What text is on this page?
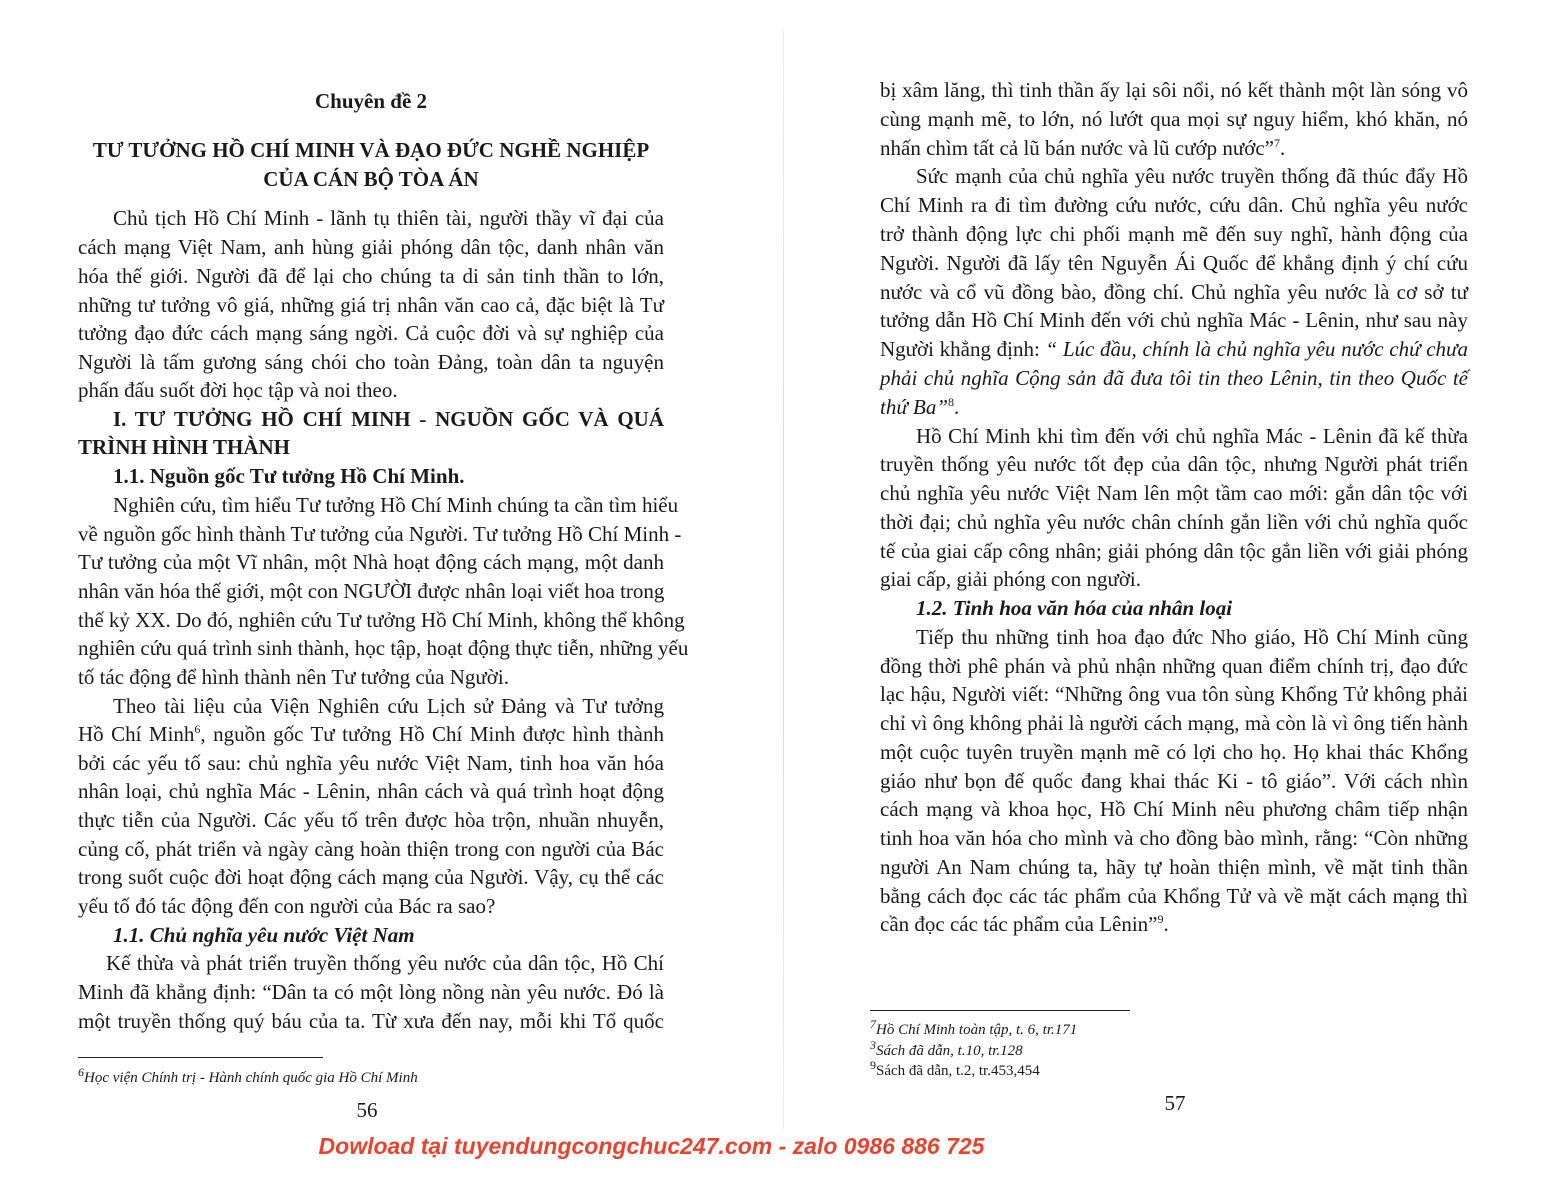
Chuyên đề 2
TƯ TƯỞNG HỒ CHÍ MINH VÀ ĐẠO ĐỨC NGHỀ NGHIỆP
CỦA CÁN BỘ TÒA ÁN
Chủ tịch Hồ Chí Minh - lãnh tụ thiên tài, người thầy vĩ đại của
cách mạng Việt Nam, anh hùng giải phóng dân tộc, danh nhân văn
hóa thế giới. Người đã để lại cho chúng ta di sản tinh thần to lớn,
những tư tưởng vô giá, những giá trị nhân văn cao cả, đặc biệt là Tư
tưởng đạo đức cách mạng sáng ngời. Cả cuộc đời và sự nghiệp của
Người là tấm gương sáng chói cho toàn Đảng, toàn dân ta nguyện
phấn đấu suốt đời học tập và noi theo.
I. TƯ TƯỞNG HỒ CHÍ MINH - NGUỒN GỐC VÀ QUÁ
TRÌNH HÌNH THÀNH
1.1. Nguồn gốc Tư tưởng Hồ Chí Minh.
Nghiên cứu, tìm hiểu Tư tưởng Hồ Chí Minh chúng ta cần tìm hiểu
về nguồn gốc hình thành Tư tưởng của Người. Tư tưởng Hồ Chí Minh -
Tư tưởng của một Vĩ nhân, một Nhà hoạt động cách mạng, một danh
nhân văn hóa thế giới, một con NGƯỜI được nhân loại viết hoa trong
thế kỷ XX. Do đó, nghiên cứu Tư tưởng Hồ Chí Minh, không thể không
nghiên cứu quá trình sinh thành, học tập, hoạt động thực tiễn, những yếu
tố tác động để hình thành nên Tư tưởng của Người.
Theo tài liệu của Viện Nghiên cứu Lịch sử Đảng và Tư tưởng
Hồ Chí Minh$^6$, nguồn gốc Tư tưởng Hồ Chí Minh được hình thành
bởi các yếu tố sau: chủ nghĩa yêu nước Việt Nam, tinh hoa văn hóa
nhân loại, chủ nghĩa Mác - Lênin, nhân cách và quá trình hoạt động
thực tiễn của Người. Các yếu tố trên được hòa trộn, nhuần nhuyễn,
củng cố, phát triển và ngày càng hoàn thiện trong con người của Bác
trong suốt cuộc đời hoạt động cách mạng của Người. Vậy, cụ thể các
yếu tố đó tác động đến con người của Bác ra sao?
1.1. Chủ nghĩa yêu nước Việt Nam
Kế thừa và phát triển truyền thống yêu nước của dân tộc, Hồ Chí
Minh đã khẳng định: “Dân ta có một lòng nồng nàn yêu nước. Đó là
một truyền thống quý báu của ta. Từ xưa đến nay, mỗi khi Tổ quốc
$^6$Học viện Chính trị - Hành chính quốc gia Hồ Chí Minh
56
bị xâm lăng, thì tinh thần ấy lại sôi nổi, nó kết thành một làn sóng vô
cùng mạnh mẽ, to lớn, nó lướt qua mọi sự nguy hiểm, khó khăn, nó
nhấn chìm tất cả lũ bán nước và lũ cướp nước”$^7$.
Sức mạnh của chủ nghĩa yêu nước truyền thống đã thúc đẩy Hồ
Chí Minh ra đi tìm đường cứu nước, cứu dân. Chủ nghĩa yêu nước
trở thành động lực chi phối mạnh mẽ đến suy nghĩ, hành động của
Người. Người đã lấy tên Nguyễn Ái Quốc để khẳng định ý chí cứu
nước và cổ vũ đồng bào, đồng chí. Chủ nghĩa yêu nước là cơ sở tư
tưởng dẫn Hồ Chí Minh đến với chủ nghĩa Mác - Lênin, như sau này
Người khẳng định: “ Lúc đầu, chính là chủ nghĩa yêu nước chứ chưa
phải chủ nghĩa Cộng sản đã đưa tôi tin theo Lênin, tin theo Quốc tế
thứ Ba”$^8$.
Hồ Chí Minh khi tìm đến với chủ nghĩa Mác - Lênin đã kế thừa
truyền thống yêu nước tốt đẹp của dân tộc, nhưng Người phát triển
chủ nghĩa yêu nước Việt Nam lên một tầm cao mới: gắn dân tộc với
thời đại; chủ nghĩa yêu nước chân chính gắn liền với chủ nghĩa quốc
tế của giai cấp công nhân; giải phóng dân tộc gắn liền với giải phóng
giai cấp, giải phóng con người.
1.2. Tinh hoa văn hóa của nhân loại
Tiếp thu những tinh hoa đạo đức Nho giáo, Hồ Chí Minh cũng
đồng thời phê phán và phủ nhận những quan điểm chính trị, đạo đức
lạc hậu, Người viết: “Những ông vua tôn sùng Khổng Tử không phải
chỉ vì ông không phải là người cách mạng, mà còn là vì ông tiến hành
một cuộc tuyên truyền mạnh mẽ có lợi cho họ. Họ khai thác Khổng
giáo như bọn đế quốc đang khai thác Ki - tô giáo”. Với cách nhìn
cách mạng và khoa học, Hồ Chí Minh nêu phương châm tiếp nhận
tinh hoa văn hóa cho mình và cho đồng bào mình, rằng: “Còn những
người An Nam chúng ta, hãy tự hoàn thiện mình, về mặt tinh thần
bằng cách đọc các tác phẩm của Khổng Tử và về mặt cách mạng thì
cần đọc các tác phẩm của Lênin”$^9$.
$^7$Hồ Chí Minh toàn tập, t. 6, tr.171
$^3$Sách đã dẫn, t.10, tr.128
$^9$Sách đã dẫn, t.2, tr.453,454
57
Dowload tại tuyendungcongchuc247.com - zalo 0986 886 725
